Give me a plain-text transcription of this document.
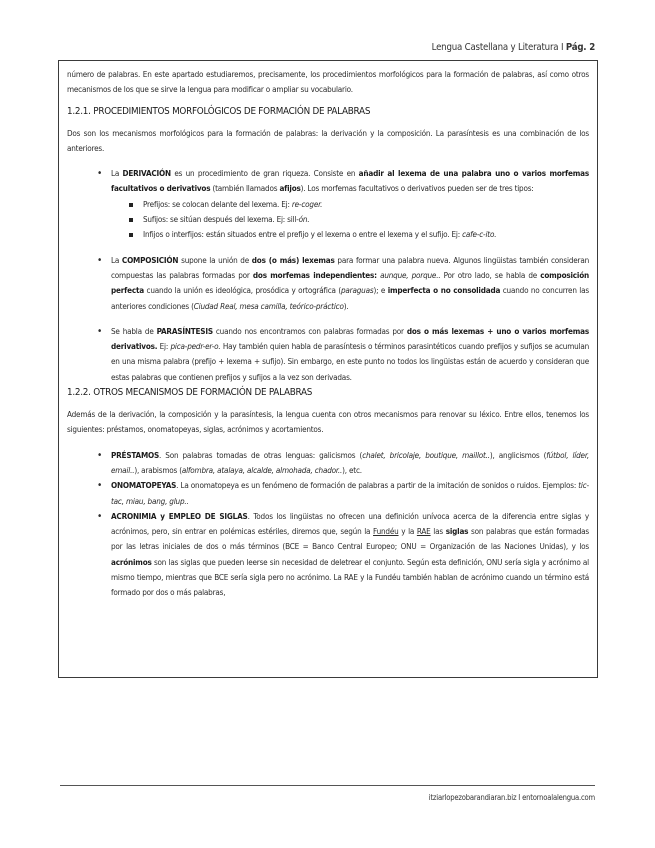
Lengua Castellana y Literatura I Pág. 2

número de palabras. En este apartado estudiaremos, precisamente, los procedimientos morfológicos para la formación de palabras, así como otros mecanismos de los que se sirve la lengua para modificar o ampliar su vocabulario.

1.2.1. PROCEDIMIENTOS MORFOLÓGICOS DE FORMACIÓN DE PALABRAS

Dos son los mecanismos morfológicos para la formación de palabras: la derivación y la composición. La parasíntesis es una combinación de los anteriores.

• La DERIVACIÓN es un procedimiento de gran riqueza. Consiste en añadir al lexema de una palabra uno o varios morfemas facultativos o derivativos (también llamados afijos). Los morfemas facultativos o derivativos pueden ser de tres tipos:
Prefijos: se colocan delante del lexema. Ej: re-coger.
Sufijos: se sitúan después del lexema. Ej: sill-ón.
Infijos o interfijos: están situados entre el prefijo y el lexema o entre el lexema y el sufijo. Ej: cafe-c-ito.
• La COMPOSICIÓN supone la unión de dos (o más) lexemas para formar una palabra nueva. Algunos lingüistas también consideran compuestas las palabras formadas por dos morfemas independientes: aunque, porque.. Por otro lado, se habla de composición perfecta cuando la unión es ideológica, prosódica y ortográfica (paraguas); e imperfecta o no consolidada cuando no concurren las anteriores condiciones (Ciudad Real, mesa camilla, teórico-práctico).
• Se habla de PARASÍNTESIS cuando nos encontramos con palabras formadas por dos o más lexemas + uno o varios morfemas derivativos. Ej: pica-pedr-er-o. Hay también quien habla de parasíntesis o términos parasintéticos cuando prefijos y sufijos se acumulan en una misma palabra (prefijo + lexema + sufijo). Sin embargo, en este punto no todos los lingüistas están de acuerdo y consideran que estas palabras que contienen prefijos y sufijos a la vez son derivadas.
1.2.2. OTROS MECANISMOS DE FORMACIÓN DE PALABRAS

Además de la derivación, la composición y la parasíntesis, la lengua cuenta con otros mecanismos para renovar su léxico. Entre ellos, tenemos los siguientes: préstamos, onomatopeyas, siglas, acrónimos y acortamientos.

• PRÉSTAMOS. Son palabras tomadas de otras lenguas: galicismos (chalet, bricolaje, boutique, maillot..), anglicismos (fútbol, líder, email..), arabismos (alfombra, atalaya, alcalde, almohada, chador..), etc.
• ONOMATOPEYAS. La onomatopeya es un fenómeno de formación de palabras a partir de la imitación de sonidos o ruidos. Ejemplos: tic-tac, miau, bang, glup..
• ACRONIMIA y EMPLEO DE SIGLAS. Todos los lingüistas no ofrecen una definición unívoca acerca de la diferencia entre siglas y acrónimos, pero, sin entrar en polémicas estériles, diremos que, según la Fundéu y la RAE las siglas son palabras que están formadas por las letras iniciales de dos o más términos (BCE = Banco Central Europeo; ONU = Organización de las Naciones Unidas), y los acrónimos son las siglas que pueden leerse sin necesidad de deletrear el conjunto. Según esta definición, ONU sería sigla y acrónimo al mismo tiempo, mientras que BCE sería sigla pero no acrónimo. La RAE y la Fundéu también hablan de acrónimo cuando un término está formado por dos o más palabras,
itziarlopezobarandiaran.biz I entornoalalengua.com
